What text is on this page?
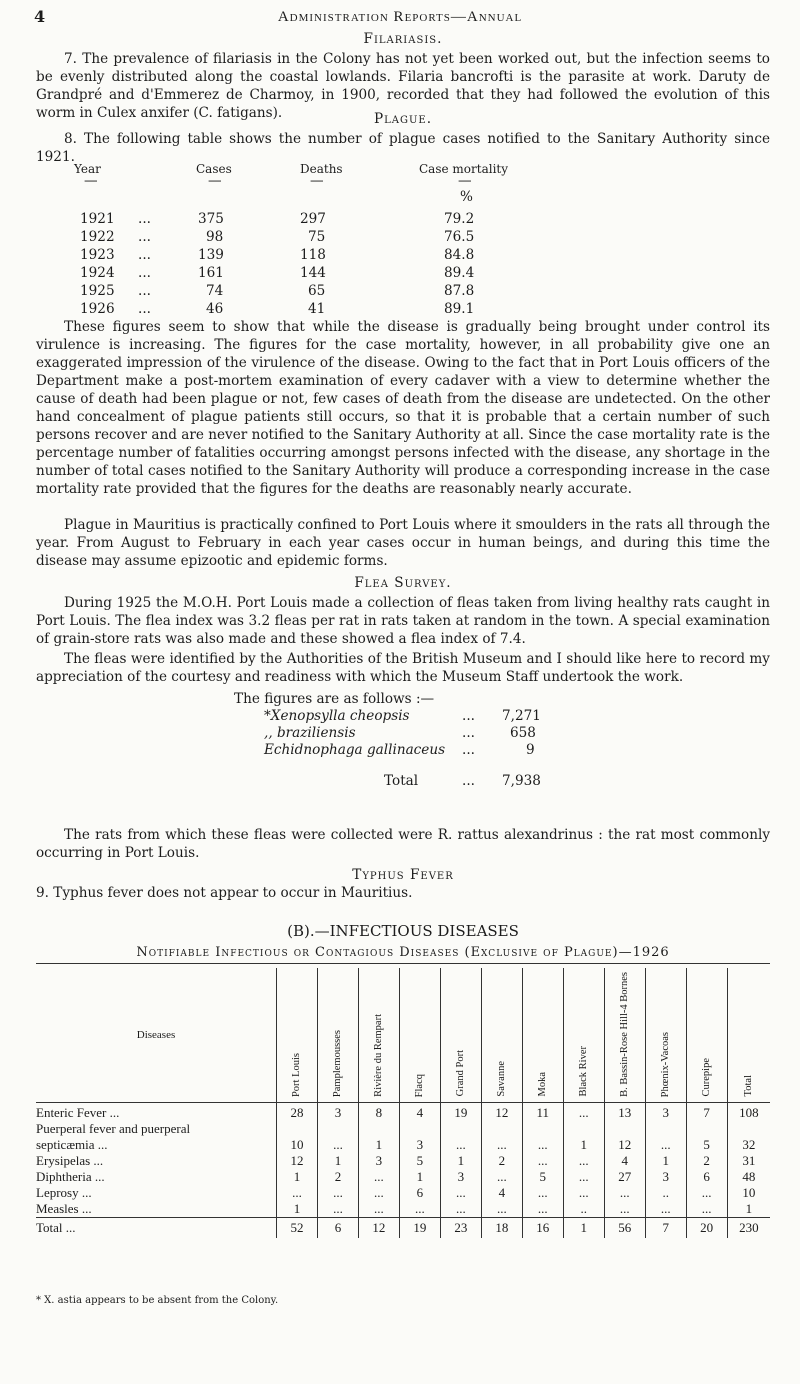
4	Administration Reports—Annual
Filariasis.
7. The prevalence of filariasis in the Colony has not yet been worked out, but the infection seems to be evenly distributed along the coastal lowlands. Filaria bancrofti is the parasite at work. Daruty de Grandpré and d'Emmerez de Charmoy, in 1900, recorded that they had followed the evolution of this worm in Culex anxifer (C. fatigans).	Plague.
8. The following table shows the number of plague cases notified to the Sanitary Authority since 1921.
Year	Cases	Deaths	Case mortality
—	—	—	—
%
1921 ...	375	297	79.2
1922 ...	98	75	76.5
1923 ...	139	118	84.8
1924 ...	161	144	89.4
1925 ...	74	65	87.8
1926 ...	46	41	89.1
These figures seem to show that while the disease is gradually being brought under control its virulence is increasing. The figures for the case mortality, however, in all probability give one an exaggerated impression of the virulence of the disease. Owing to the fact that in Port Louis officers of the Department make a post-mortem examination of every cadaver with a view to determine whether the cause of death had been plague or not, few cases of death from the disease are undetected. On the other hand concealment of plague patients still occurs, so that it is probable that a certain number of such persons recover and are never notified to the Sanitary Authority at all. Since the case mortality rate is the percentage number of fatalities occurring amongst persons infected with the disease, any shortage in the number of total cases notified to the Sanitary Authority will produce a corresponding increase in the case mortality rate provided that the figures for the deaths are reasonably nearly accurate.
Plague in Mauritius is practically confined to Port Louis where it smoulders in the rats all through the year. From August to February in each year cases occur in human beings, and during this time the disease may assume epizootic and epidemic forms.
Flea Survey.
During 1925 the M.O.H. Port Louis made a collection of fleas taken from living healthy rats caught in Port Louis. The flea index was 3.2 fleas per rat in rats taken at random in the town. A special examination of grain-store rats was also made and these showed a flea index of 7.4.
The fleas were identified by the Authorities of the British Museum and I should like here to record my appreciation of the courtesy and readiness with which the Museum Staff undertook the work.
The figures are as follows :—
*Xenopsylla cheopsis	... 7,271
,, braziliensis	...	658
Echidnophaga gallinaceus ...	9
Total	... 7,938
The rats from which these fleas were collected were R. rattus alexandrinus : the rat most commonly occurring in Port Louis.
Typhus Fever
9. Typhus fever does not appear to occur in Mauritius.
(B).—INFECTIOUS DISEASES
Notifiable Infectious or Contagious Diseases (Exclusive of Plague)—1926
Diseases	Port Louis	Pamplemousses	Rivière du Rempart	Flacq	Grand Port	Savanne	Moka	Black River	B. Bassin-Rose Hill-4 Bornes	Phœnix-Vacoas	Curepipe	Total
Enteric Fever ...	28	3	8	4	19	12	11	...	13	3	7	108
Puerperal fever and puerperal												
septicæmia ...	10	...	1	3	...	...	...	1	12	...	5	32
Erysipelas ...	12	1	3	5	1	2	...	...	4	1	2	31
Diphtheria ...	1	2	...	1	3	...	5	...	27	3	6	48
Leprosy ...	...	...	...	6	...	4	...	...	...	..	...	10
Measles ...	1	...	...	...	...	...	...	..	...	...	...	1
Total ...	52	6	12	19	23	18	16	1	56	7	20	230
* X. astia appears to be absent from the Colony.
